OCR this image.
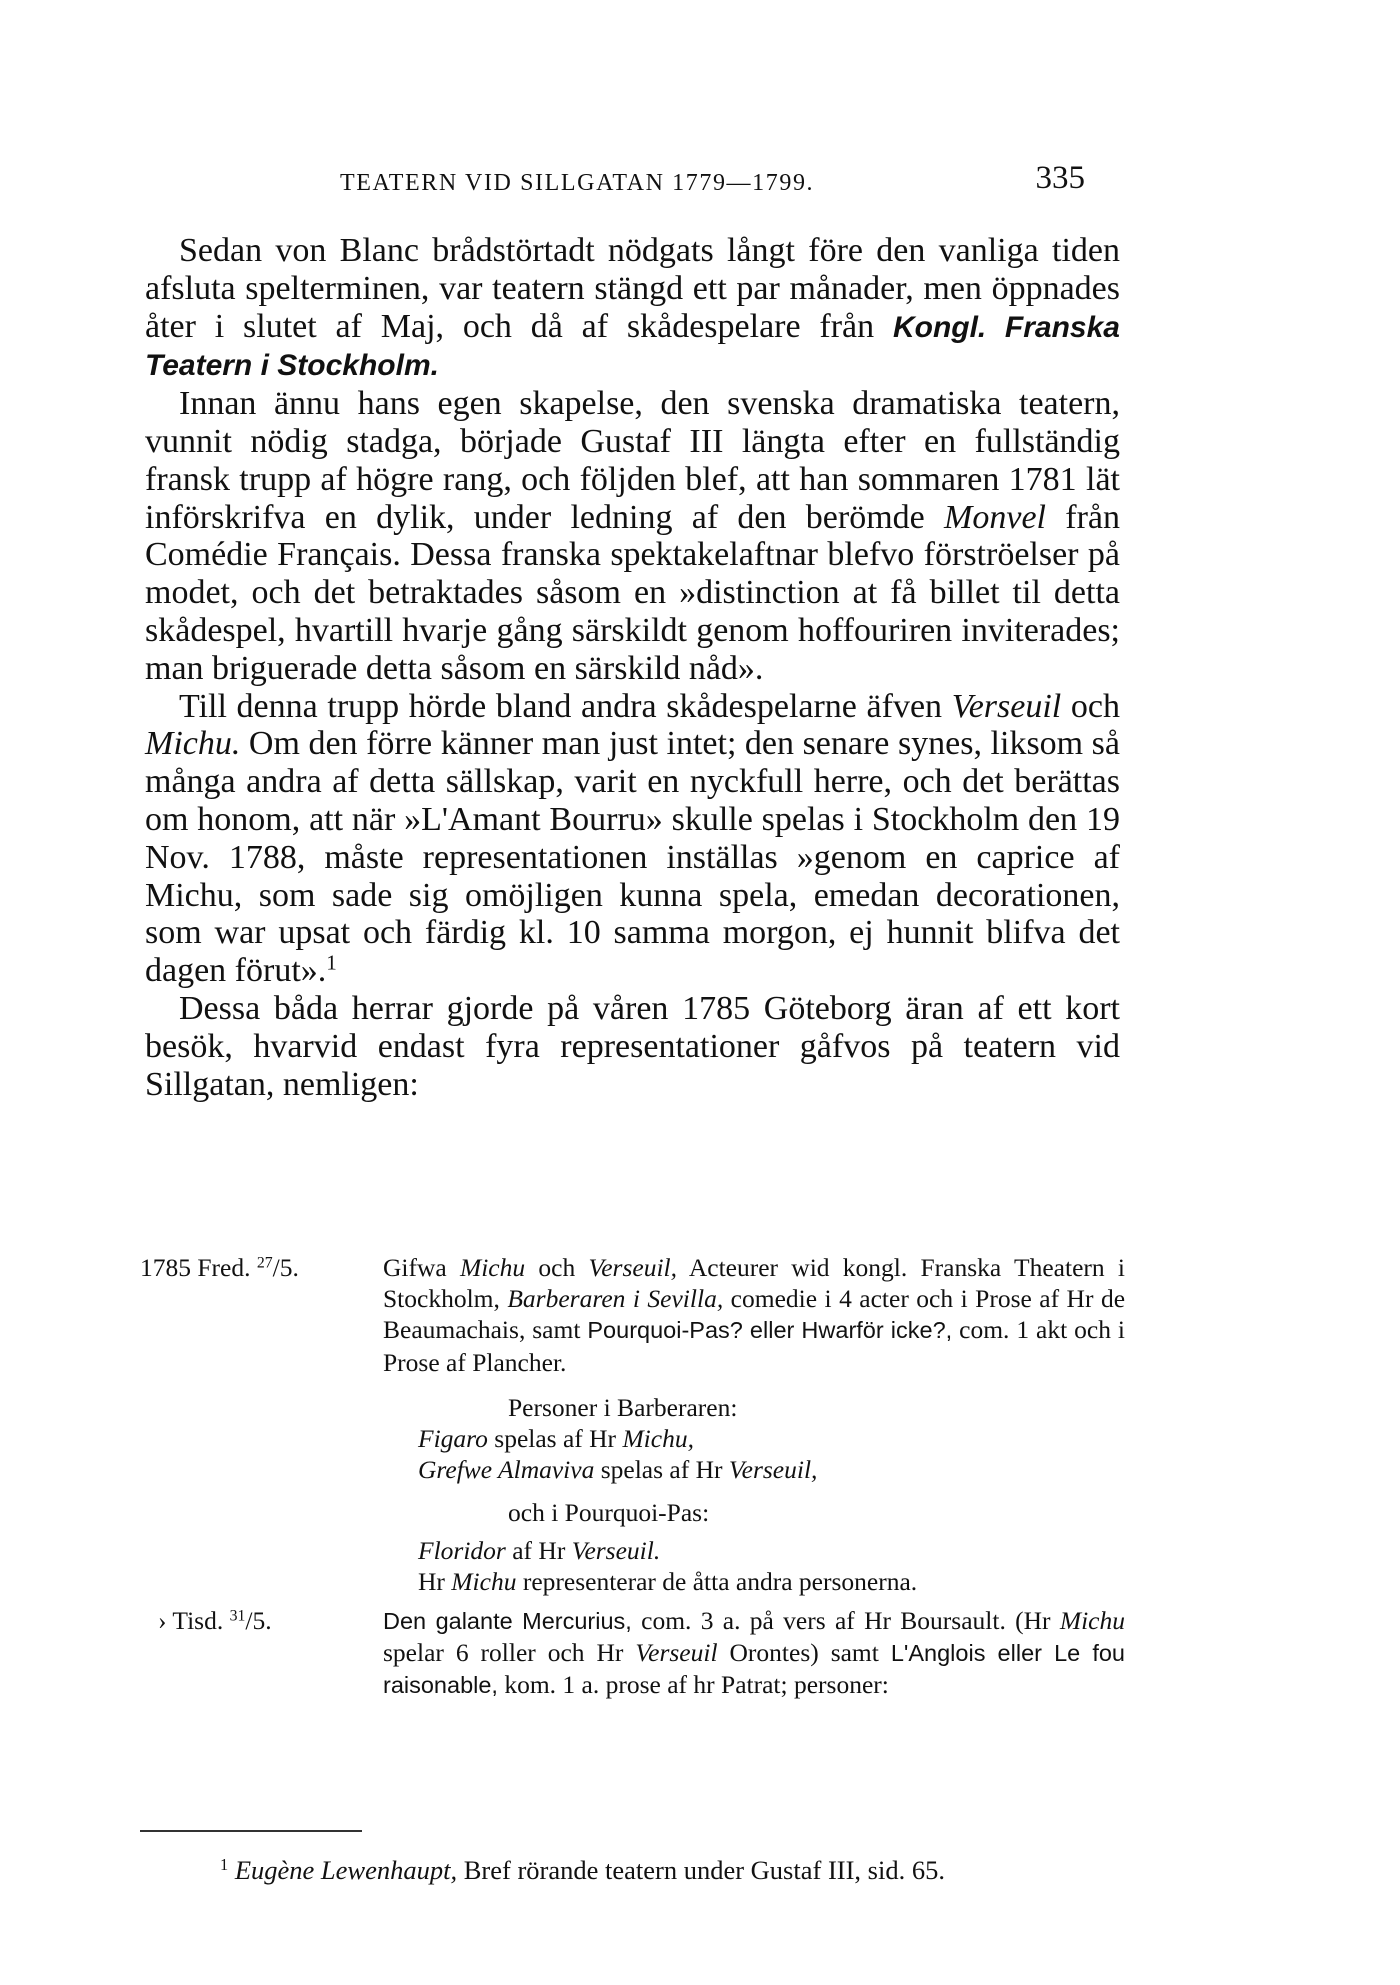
TEATERN VID SILLGATAN 1779—1799.	335

Sedan von Blanc brådstörtadt nödgats långt före den vanliga tiden afsluta spelterminen, var teatern stängd ett par månader, men öppnades åter i slutet af Maj, och då af skådespelare från Kongl. Franska Teatern i Stockholm.

Innan ännu hans egen skapelse, den svenska dramatiska teatern, vunnit nödig stadga, började Gustaf III längta efter en fullständig fransk trupp af högre rang, och följden blef, att han sommaren 1781 lät införskrifva en dylik, under ledning af den berömde Monvel från Comédie Français. Dessa franska spektakelaftnar blefvo förströelser på modet, och det betraktades såsom en »distinction at få billet til detta skådespel, hvartill hvarje gång särskildt genom hoffouriren inviterades; man briguerade detta såsom en särskild nåd».

Till denna trupp hörde bland andra skådespelarne äfven Verseuil och Michu. Om den förre känner man just intet; den senare synes, liksom så många andra af detta sällskap, varit en nyckfull herre, och det berättas om honom, att när »L'Amant Bourru» skulle spelas i Stockholm den 19 Nov. 1788, måste representationen inställas »genom en caprice af Michu, som sade sig omöjligen kunna spela, emedan decorationen, som war upsat och färdig kl. 10 samma morgon, ej hunnit blifva det dagen förut».$^1$

Dessa båda herrar gjorde på våren 1785 Göteborg äran af ett kort besök, hvarvid endast fyra representationer gåfvos på teatern vid Sillgatan, nemligen:

1785 Fred. $^{27}$/5.	Gifwa Michu och Verseuil, Acteurer wid kongl. Franska Theatern i Stockholm, Barberaren i Sevilla, comedie i 4 acter och i Prose af Hr de Beaumachais, samt Pourquoi-Pas? eller Hwarför icke?, com. 1 akt och i Prose af Plancher.
Personer i Barberaren:
Figaro spelas af Hr Michu,
Grefwe Almaviva spelas af Hr Verseuil,
och i Pourquoi-Pas:
Floridor af Hr Verseuil.
Hr Michu representerar de åtta andra personerna.
› Tisd. $^{31}$/5.	Den galante Mercurius, com. 3 a. på vers af Hr Boursault. (Hr Michu spelar 6 roller och Hr Verseuil Orontes) samt L'Anglois eller Le fou raisonable, kom. 1 a. prose af hr Patrat; personer:
$^1$ Eugène Lewenhaupt, Bref rörande teatern under Gustaf III, sid. 65.
